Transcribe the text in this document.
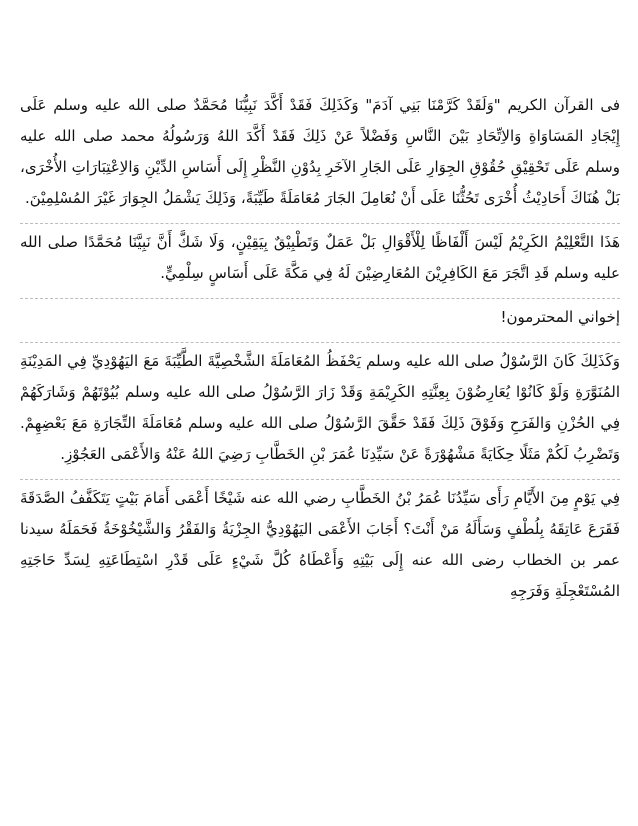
فى القرآن الكريم "وَلَقَدْ كَرَّمْنَا بَنِي آدَمَ" وَكَذَلِكَ فَقَدْ أَكَّدَ نَبِيُّنَا مُحَمَّدٌ صلى الله عليه وسلم عَلَى إِيْجَادِ المَسَاوَاةِ وَالاِتِّحَادِ بَيْنَ النَّاسِ وَفَضْلاً عَنْ ذَلِكَ فَقَدْ أَكَّدَ اللهُ وَرَسُولُهُ محمد صلى الله عليه وسلم عَلَى تَحْقِيْقِ حُقُوْقِ الجِوَارِ عَلَى الجَارِ الآخَرِ بِدُوْنِ النَّظْرِ إِلَى أَسَاسِ الدِّيْنِ وَالاِعْتِبَارَاتِ الأُخْرَى، بَلْ هُنَاكَ أَحَادِيْثُ أُخْرَى تَحُثُّنَا عَلَى أَنْ نُعَامِلَ الجَارَ مُعَامَلَةً طَيِّبَةً، وَذَلِكَ يَشْمَلُ الجِوَارَ غَيْرَ المُسْلِمِيْنَ.

هَذَا التَّعْلِيْمُ الكَرِيْمُ لَيْسَ أَلْفَاظًا لِلْأَقْوَالِ بَلْ عَمَلٌ وَتَطْبِيْقٌ بِيَقِيْنٍ، وَلَا شَكَّ أَنَّ نَبِيَّنَا مُحَمَّدًا صلى الله عليه وسلم قَدِ اتَّجَرَ مَعَ الكَافِرِيْنَ المُعَارِضِيْنَ لَهُ فِي مَكَّةَ عَلَى أَسَاسٍ سِلْمِيٍّ.

إخواني المحترمون!

وَكَذَلِكَ كَانَ الرَّسُوْلُ صلى الله عليه وسلم يَحْفَظُ المُعَامَلَةَ الشَّخْصِيَّةَ الطَّيِّبَةَ مَعَ اليَهُوْدِيِّ فِي المَدِيْنَةِ المُنَوَّرَةِ وَلَوْ كَانُوْا يُعَارِضُوْنَ بِعِنَّتِهِ الكَرِيْمَةِ وَقَدْ زَارَ الرَّسُوْلُ صلى الله عليه وسلم بُيُوْتَهُمْ وَشَارَكَهُمْ فِي الحُزْنِ وَالفَرَحِ وَفَوْقَ ذَلِكَ فَقَدْ حَقَّقَ الرَّسُوْلُ صلى الله عليه وسلم مُعَامَلَةَ التِّجَارَةِ مَعَ بَعْضِهِمْ. وَتَضْرِبُ لَكُمْ مَثَلًا حِكَايَةً مَشْهُوْرَةً عَنْ سَيِّدِنَا عُمَرَ بْنِ الخَطَّابِ رَضِيَ اللهُ عَنْهُ وَالأَعْمَى العَجُوْزِ.

فِي يَوْمٍ مِنَ الأَيَّامِ رَأَى سَيِّدُنَا عُمَرُ بْنُ الخَطَّابِ رضي الله عنه شَيْخًا أَعْمَى أَمَامَ بَيْتٍ يَتَكَفَّفُ الصَّدَقَةَ فَقَرَعَ عَاتِقَهُ بِلُطْفٍ وَسَأَلَهُ مَنْ أَنْتَ؟ أَجَابَ الأَعْمَى اليَهُوْدِيُّ الجِزْيَةُ وَالفَقْرُ وَالشَّيْخُوْخَةُ فَحَمَلَهُ سيدنا عمر بن الخطاب رضى الله عنه إِلَى بَيْتِهِ وَأَعْطَاهُ كُلَّ شَيْءٍ عَلَى قَدْرِ اسْتِطَاعَتِهِ لِسَدِّ حَاجَتِهِ المُسْتَعْجِلَةِ وَفَرَجِهِ
